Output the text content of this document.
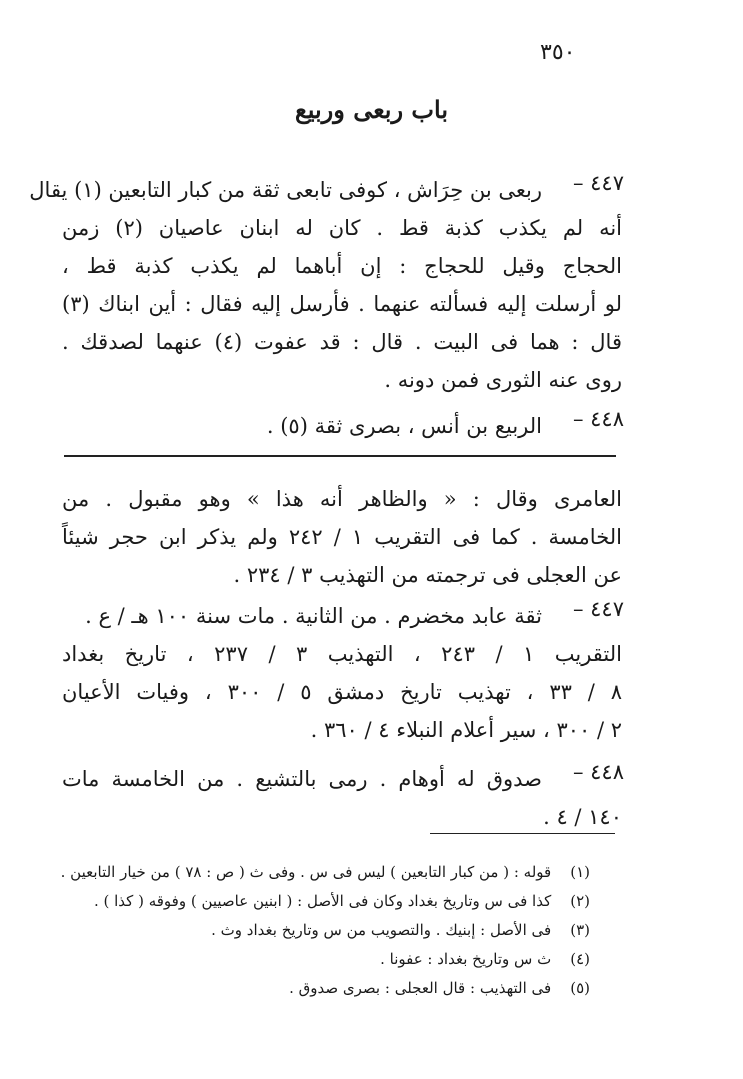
٣٥٠
باب ربعى وربيع
٤٤٧ –
ربعى بن حِرَاش ، كوفى تابعى ثقة من كبار التابعين (١) يقال
أنه لم يكذب كذبة قط . كان له ابنان عاصيان (٢) زمن
الحجاج وقيل للحجاج : إن أباهما لم يكذب كذبة قط ،
لو أرسلت إليه فسألته عنهما . فأرسل إليه فقال : أين ابناك (٣)
قال : هما فى البيت . قال : قد عفوت (٤) عنهما لصدقك .
روى عنه الثورى فمن دونه .
٤٤٨ –
الربيع بن أنس ، بصرى ثقة (٥) .
العامرى وقال : « والظاهر أنه هذا » وهو مقبول . من
الخامسة . كما فى التقريب ١ / ٢٤٢ ولم يذكر ابن حجر شيئاً
عن العجلى فى ترجمته من التهذيب ٣ / ٢٣٤ .
٤٤٧ –
ثقة عابد مخضرم . من الثانية . مات سنة ١٠٠ هـ / ع .
التقريب ١ / ٢٤٣ ، التهذيب ٣ / ٢٣٧ ، تاريخ بغداد
٨ / ٣٣ ، تهذيب تاريخ دمشق ٥ / ٣٠٠ ، وفيات الأعيان
٢ / ٣٠٠ ، سير أعلام النبلاء ٤ / ٣٦٠ .
٤٤٨ –
صدوق له أوهام . رمى بالتشيع . من الخامسة مات
١٤٠ / ٤ .
(١) قوله : ( من كبار التابعين ) ليس فى س . وفى ث ( ص : ٧٨ ) من خيار التابعين .
(٢) كذا فى س وتاريخ بغداد وكان فى الأصل : ( ابنين عاصيين ) وفوقه ( كذا ) .
(٣) فى الأصل : إبنيك . والتصويب من س وتاريخ بغداد وث .
(٤) ث س وتاريخ بغداد : عفونا .
(٥) فى التهذيب : قال العجلى : بصرى صدوق .
